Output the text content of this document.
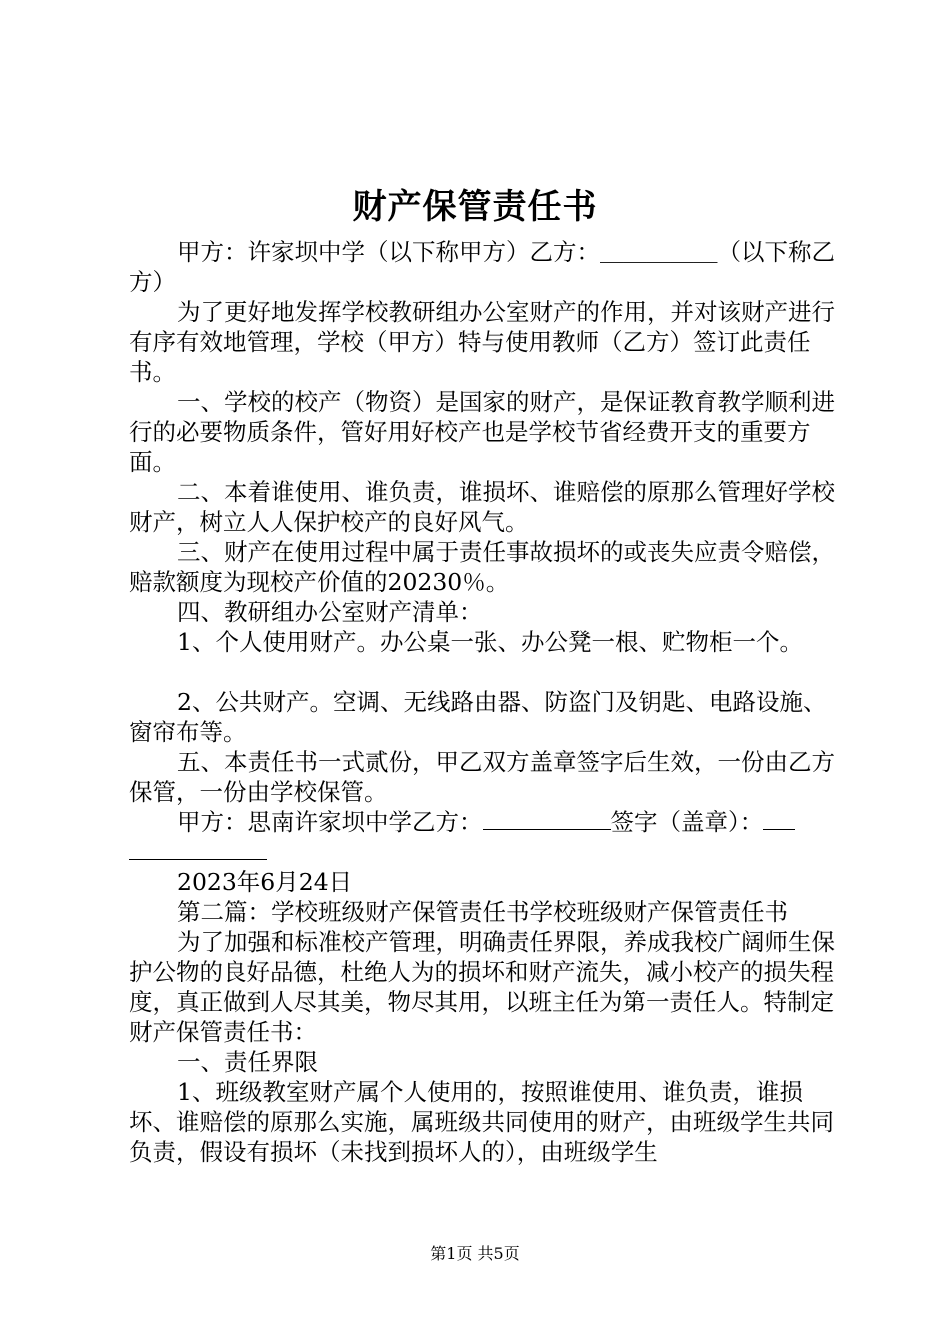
财产保管责任书

甲方：许家坝中学（以下称甲方）乙方：＿＿＿＿＿（以下称乙方）

为了更好地发挥学校教研组办公室财产的作用，并对该财产进行有序有效地管理，学校（甲方）特与使用教师（乙方）签订此责任书。

一、学校的校产（物资）是国家的财产，是保证教育教学顺利进行的必要物质条件，管好用好校产也是学校节省经费开支的重要方面。

二、本着谁使用、谁负责，谁损坏、谁赔偿的原那么管理好学校财产，树立人人保护校产的良好风气。

三、财产在使用过程中属于责任事故损坏的或丧失应责令赔偿，赔款额度为现校产价值的20230％。

四、教研组办公室财产清单：

1、个人使用财产。办公桌一张、办公凳一根、贮物柜一个。

2、公共财产。空调、无线路由器、防盗门及钥匙、电路设施、窗帘布等。

五、本责任书一式贰份，甲乙双方盖章签字后生效，一份由乙方保管，一份由学校保管。

甲方：思南许家坝中学乙方：	签字（盖章）：

2023年6月24日

第二篇：学校班级财产保管责任书学校班级财产保管责任书

为了加强和标准校产管理，明确责任界限，养成我校广阔师生保护公物的良好品德，杜绝人为的损坏和财产流失，减小校产的损失程度，真正做到人尽其美，物尽其用，以班主任为第一责任人。特制定财产保管责任书：

一、责任界限

1、班级教室财产属个人使用的，按照谁使用、谁负责，谁损坏、谁赔偿的原那么实施，属班级共同使用的财产，由班级学生共同负责，假设有损坏（未找到损坏人的），由班级学生

第1页 共5页
